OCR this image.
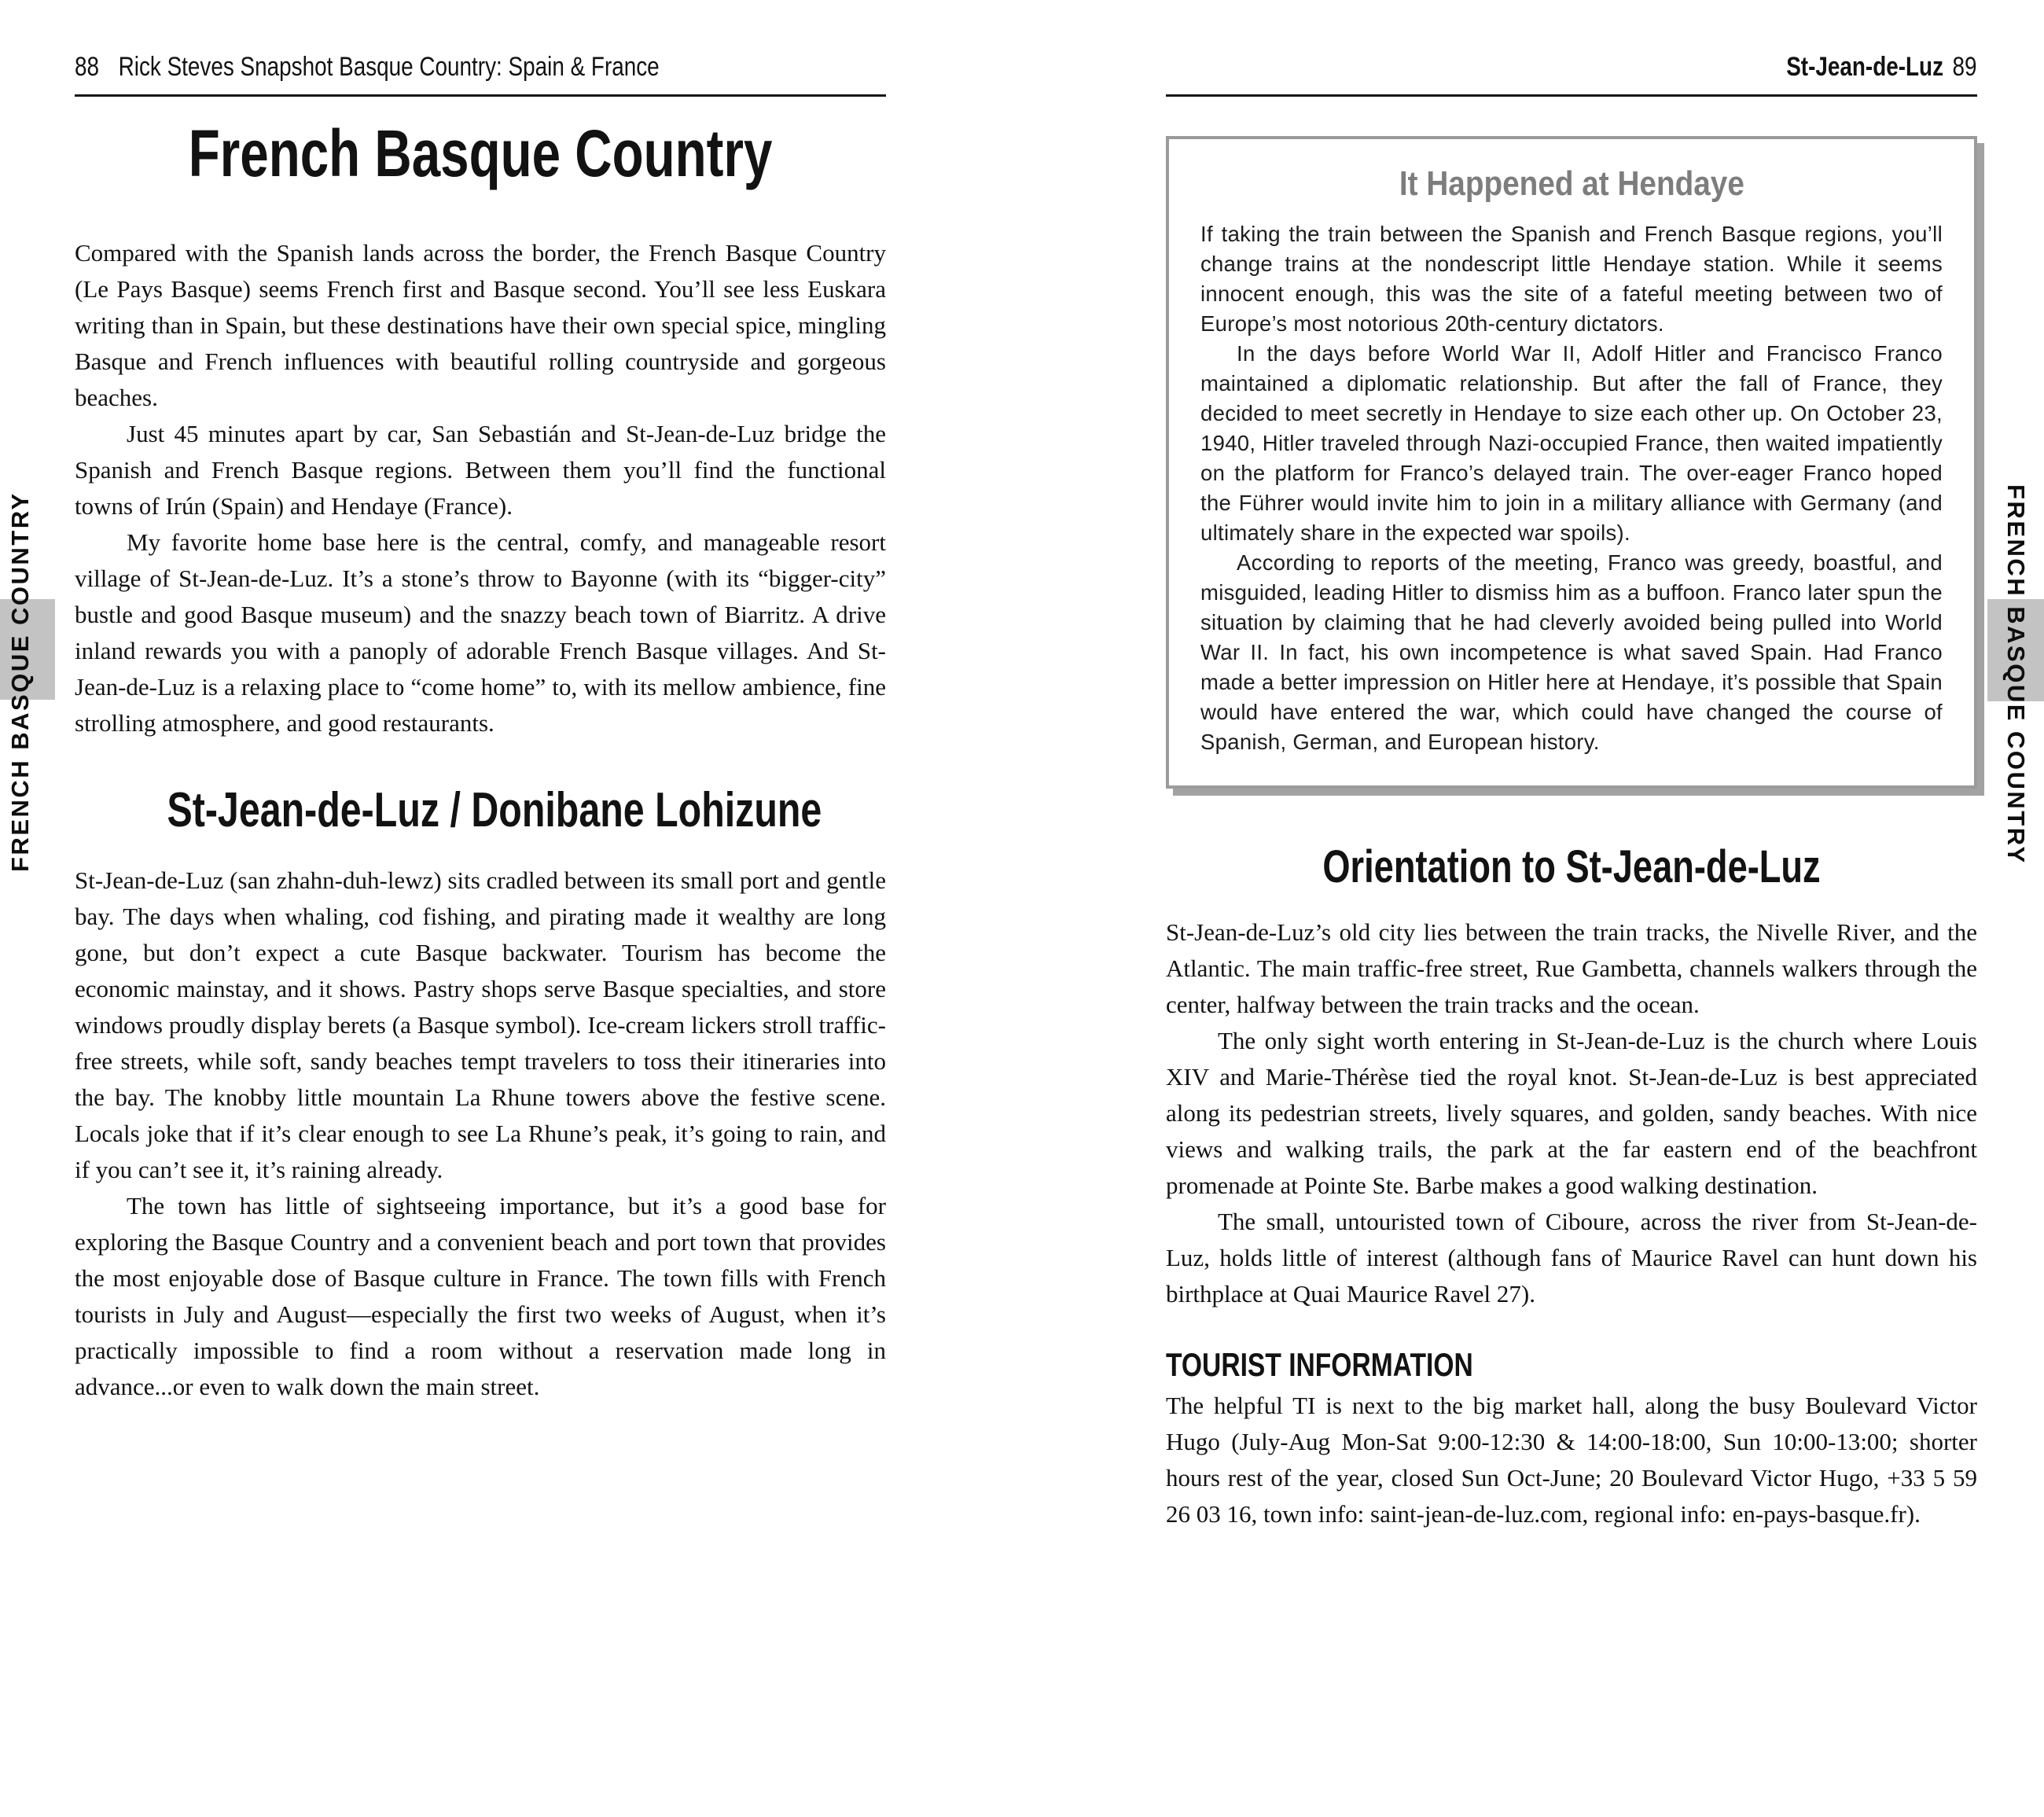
88 Rick Steves Snapshot Basque Country: Spain & France
French Basque Country

Compared with the Spanish lands across the border, the French Basque Country (Le Pays Basque) seems French first and Basque second. You’ll see less Euskara writing than in Spain, but these destinations have their own special spice, mingling Basque and French influences with beautiful rolling countryside and gorgeous beaches.

Just 45 minutes apart by car, San Sebastián and St-Jean-de-Luz bridge the Spanish and French Basque regions. Between them you’ll find the functional towns of Irún (Spain) and Hendaye (France).

My favorite home base here is the central, comfy, and manageable resort village of St-Jean-de-Luz. It’s a stone’s throw to Bayonne (with its “bigger-city” bustle and good Basque museum) and the snazzy beach town of Biarritz. A drive inland rewards you with a panoply of adorable French Basque villages. And St-Jean-de-Luz is a relaxing place to “come home” to, with its mellow ambience, fine strolling atmosphere, and good restaurants.

St-Jean-de-Luz / Donibane Lohizune

St-Jean-de-Luz (san zhahn-duh-lewz) sits cradled between its small port and gentle bay. The days when whaling, cod fishing, and pirating made it wealthy are long gone, but don’t expect a cute Basque backwater. Tourism has become the economic mainstay, and it shows. Pastry shops serve Basque specialties, and store windows proudly display berets (a Basque symbol). Ice-cream lickers stroll traffic-free streets, while soft, sandy beaches tempt travelers to toss their itineraries into the bay. The knobby little mountain La Rhune towers above the festive scene. Locals joke that if it’s clear enough to see La Rhune’s peak, it’s going to rain, and if you can’t see it, it’s raining already.

The town has little of sightseeing importance, but it’s a good base for exploring the Basque Country and a convenient beach and port town that provides the most enjoyable dose of Basque culture in France. The town fills with French tourists in July and August—especially the first two weeks of August, when it’s practically impossible to find a room without a reservation made long in advance...or even to walk down the main street.

St-Jean-de-Luz 89
It Happened at Hendaye

If taking the train between the Spanish and French Basque regions, you’ll change trains at the nondescript little Hendaye station. While it seems innocent enough, this was the site of a fateful meeting between two of Europe’s most notorious 20th-century dictators.

In the days before World War II, Adolf Hitler and Francisco Franco maintained a diplomatic relationship. But after the fall of France, they decided to meet secretly in Hendaye to size each other up. On October 23, 1940, Hitler traveled through Nazi-occupied France, then waited impatiently on the platform for Franco’s delayed train. The over-eager Franco hoped the Führer would invite him to join in a military alliance with Germany (and ultimately share in the expected war spoils).

According to reports of the meeting, Franco was greedy, boastful, and misguided, leading Hitler to dismiss him as a buffoon. Franco later spun the situation by claiming that he had cleverly avoided being pulled into World War II. In fact, his own incompetence is what saved Spain. Had Franco made a better impression on Hitler here at Hendaye, it’s possible that Spain would have entered the war, which could have changed the course of Spanish, German, and European history.

Orientation to St-Jean-de-Luz

St-Jean-de-Luz’s old city lies between the train tracks, the Nivelle River, and the Atlantic. The main traffic-free street, Rue Gambetta, channels walkers through the center, halfway between the train tracks and the ocean.

The only sight worth entering in St-Jean-de-Luz is the church where Louis XIV and Marie-Thérèse tied the royal knot. St-Jean-de-Luz is best appreciated along its pedestrian streets, lively squares, and golden, sandy beaches. With nice views and walking trails, the park at the far eastern end of the beachfront promenade at Pointe Ste. Barbe makes a good walking destination.

The small, untouristed town of Ciboure, across the river from St-Jean-de-Luz, holds little of interest (although fans of Maurice Ravel can hunt down his birthplace at Quai Maurice Ravel 27).

TOURIST INFORMATION

The helpful TI is next to the big market hall, along the busy Boulevard Victor Hugo (July-Aug Mon-Sat 9:00-12:30 & 14:00-18:00, Sun 10:00-13:00; shorter hours rest of the year, closed Sun Oct-June; 20 Boulevard Victor Hugo, +33 5 59 26 03 16, town info: saint-jean-de-luz.com, regional info: en-pays-basque.fr).

FRENCH BASQUE COUNTRY	FRENCH BASQUE COUNTRY
